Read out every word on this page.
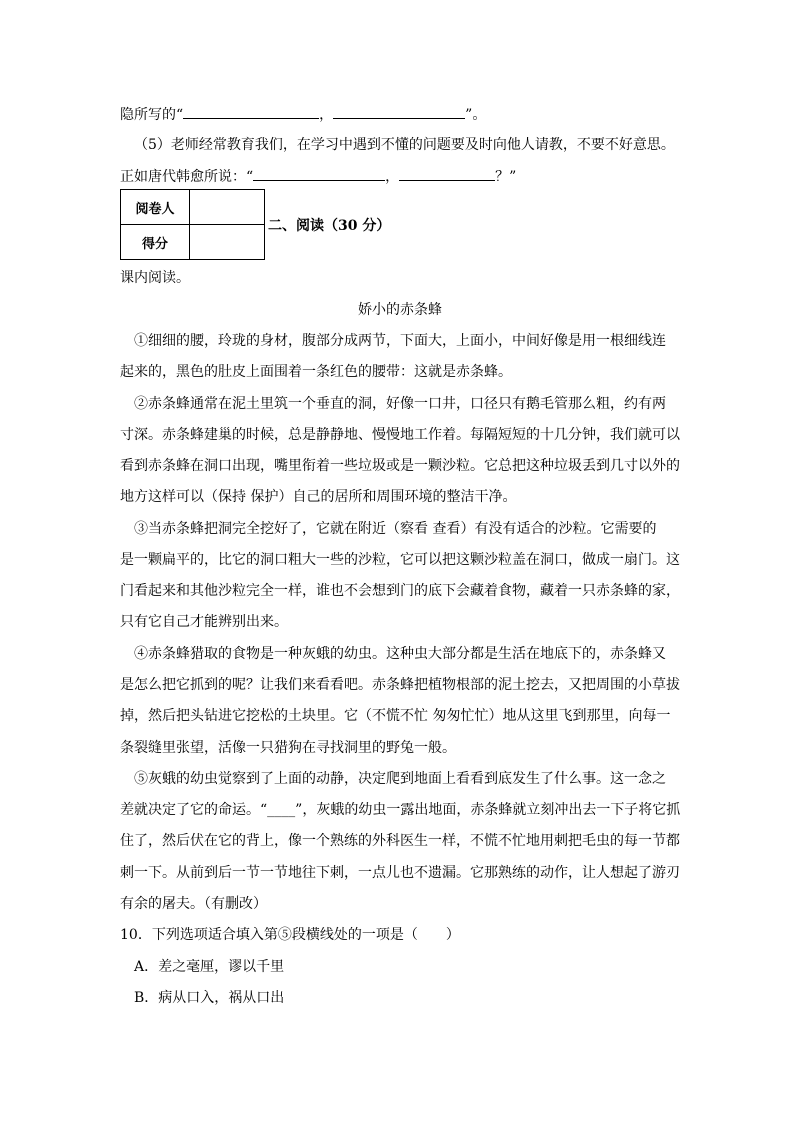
隐所写的“	，	”。
（5）老师经常教育我们，在学习中遇到不懂的问题要及时向他人请教，不要不好意思。
正如唐代韩愈所说：“	，	？”
阅卷人	
得分	
二、阅读（30 分）
课内阅读。
娇小的赤条蜂
①细细的腰，玲珑的身材，腹部分成两节，下面大，上面小，中间好像是用一根细线连
起来的，黑色的肚皮上面围着一条红色的腰带：这就是赤条蜂。
②赤条蜂通常在泥土里筑一个垂直的洞，好像一口井，口径只有鹅毛管那么粗，约有两
寸深。赤条蜂建巢的时候，总是静静地、慢慢地工作着。每隔短短的十几分钟，我们就可以
看到赤条蜂在洞口出现，嘴里衔着一些垃圾或是一颗沙粒。它总把这种垃圾丢到几寸以外的
地方这样可以（保持 保护）自己的居所和周围环境的整洁干净。
③当赤条蜂把洞完全挖好了，它就在附近（察看 查看）有没有适合的沙粒。它需要的
是一颗扁平的，比它的洞口粗大一些的沙粒，它可以把这颗沙粒盖在洞口，做成一扇门。这
门看起来和其他沙粒完全一样，谁也不会想到门的底下会藏着食物，藏着一只赤条蜂的家，
只有它自己才能辨别出来。
④赤条蜂猎取的食物是一种灰蛾的幼虫。这种虫大部分都是生活在地底下的，赤条蜂又
是怎么把它抓到的呢？让我们来看看吧。赤条蜂把植物根部的泥土挖去，又把周围的小草拔
掉，然后把头钻进它挖松的土块里。它（不慌不忙 匆匆忙忙）地从这里飞到那里，向每一
条裂缝里张望，活像一只猎狗在寻找洞里的野兔一般。
⑤灰蛾的幼虫觉察到了上面的动静，决定爬到地面上看看到底发生了什么事。这一念之
差就决定了它的命运。“____”，灰蛾的幼虫一露出地面，赤条蜂就立刻冲出去一下子将它抓
住了，然后伏在它的背上，像一个熟练的外科医生一样，不慌不忙地用刺把毛虫的每一节都
刺一下。从前到后一节一节地往下刺，一点儿也不遗漏。它那熟练的动作，让人想起了游刃
有余的屠夫。（有删改）
10．下列选项适合填入第⑤段横线处的一项是（　　）
A．差之毫厘，谬以千里
B．病从口入，祸从口出
